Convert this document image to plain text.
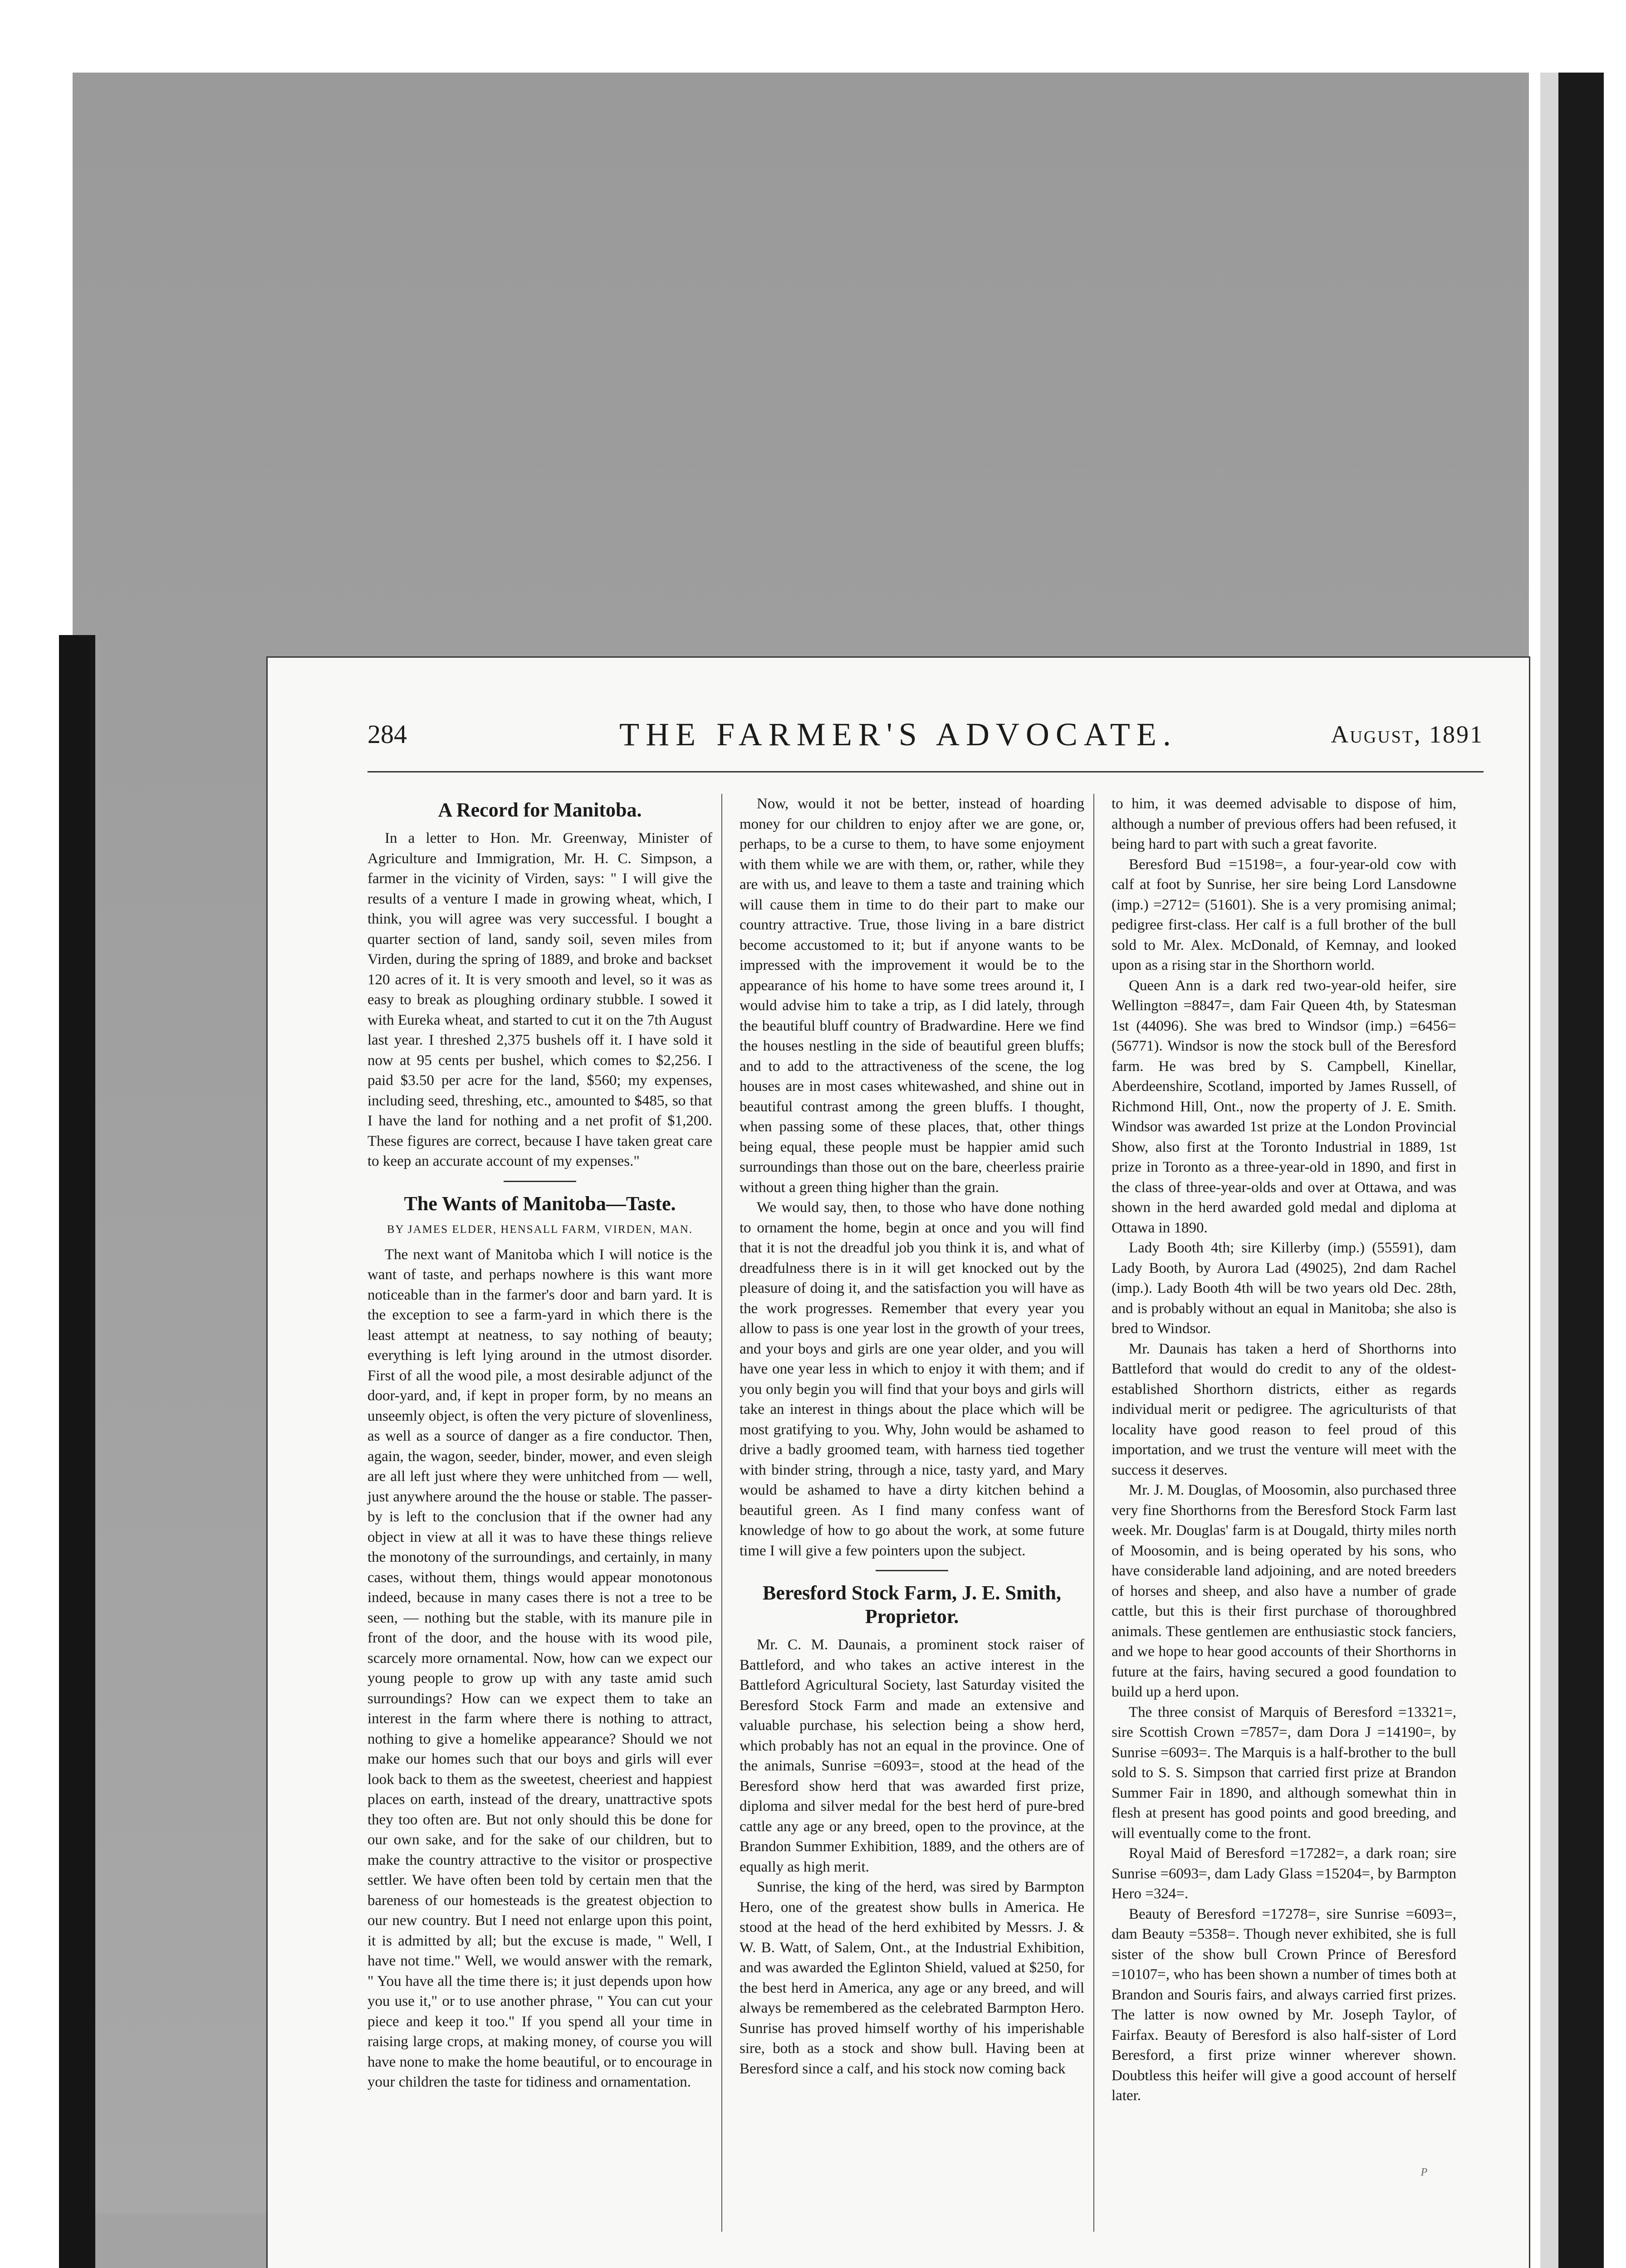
284	THE FARMER'S ADVOCATE.	August, 1891
A Record for Manitoba.

In a letter to Hon. Mr. Greenway, Minister of Agriculture and Immigration, Mr. H. C. Simpson, a farmer in the vicinity of Virden, says: " I will give the results of a venture I made in growing wheat, which, I think, you will agree was very successful. I bought a quarter section of land, sandy soil, seven miles from Virden, during the spring of 1889, and broke and backset 120 acres of it. It is very smooth and level, so it was as easy to break as ploughing ordinary stubble. I sowed it with Eureka wheat, and started to cut it on the 7th August last year. I threshed 2,375 bushels off it. I have sold it now at 95 cents per bushel, which comes to $2,256. I paid $3.50 per acre for the land, $560; my expenses, including seed, threshing, etc., amounted to $485, so that I have the land for nothing and a net profit of $1,200. These figures are correct, because I have taken great care to keep an accurate account of my expenses."

The Wants of Manitoba—Taste.
BY JAMES ELDER, HENSALL FARM, VIRDEN, MAN.

The next want of Manitoba which I will notice is the want of taste, and perhaps nowhere is this want more noticeable than in the farmer's door and barn yard. It is the exception to see a farm-yard in which there is the least attempt at neatness, to say nothing of beauty; everything is left lying around in the utmost disorder. First of all the wood pile, a most desirable adjunct of the door-yard, and, if kept in proper form, by no means an unseemly object, is often the very picture of slovenliness, as well as a source of danger as a fire conductor. Then, again, the wagon, seeder, binder, mower, and even sleigh are all left just where they were unhitched from — well, just anywhere around the the house or stable. The passer-by is left to the conclusion that if the owner had any object in view at all it was to have these things relieve the monotony of the surroundings, and certainly, in many cases, without them, things would appear monotonous indeed, because in many cases there is not a tree to be seen, — nothing but the stable, with its manure pile in front of the door, and the house with its wood pile, scarcely more ornamental. Now, how can we expect our young people to grow up with any taste amid such surroundings? How can we expect them to take an interest in the farm where there is nothing to attract, nothing to give a homelike appearance? Should we not make our homes such that our boys and girls will ever look back to them as the sweetest, cheeriest and happiest places on earth, instead of the dreary, unattractive spots they too often are. But not only should this be done for our own sake, and for the sake of our children, but to make the country attractive to the visitor or prospective settler. We have often been told by certain men that the bareness of our homesteads is the greatest objection to our new country. But I need not enlarge upon this point, it is admitted by all; but the excuse is made, " Well, I have not time." Well, we would answer with the remark, " You have all the time there is; it just depends upon how you use it," or to use another phrase, " You can cut your piece and keep it too." If you spend all your time in raising large crops, at making money, of course you will have none to make the home beautiful, or to encourage in your children the taste for tidiness and ornamentation.

Now, would it not be better, instead of hoarding money for our children to enjoy after we are gone, or, perhaps, to be a curse to them, to have some enjoyment with them while we are with them, or, rather, while they are with us, and leave to them a taste and training which will cause them in time to do their part to make our country attractive. True, those living in a bare district become accustomed to it; but if anyone wants to be impressed with the improvement it would be to the appearance of his home to have some trees around it, I would advise him to take a trip, as I did lately, through the beautiful bluff country of Bradwardine. Here we find the houses nestling in the side of beautiful green bluffs; and to add to the attractiveness of the scene, the log houses are in most cases whitewashed, and shine out in beautiful contrast among the green bluffs. I thought, when passing some of these places, that, other things being equal, these people must be happier amid such surroundings than those out on the bare, cheerless prairie without a green thing higher than the grain.

We would say, then, to those who have done nothing to ornament the home, begin at once and you will find that it is not the dreadful job you think it is, and what of dreadfulness there is in it will get knocked out by the pleasure of doing it, and the satisfaction you will have as the work progresses. Remember that every year you allow to pass is one year lost in the growth of your trees, and your boys and girls are one year older, and you will have one year less in which to enjoy it with them; and if you only begin you will find that your boys and girls will take an interest in things about the place which will be most gratifying to you. Why, John would be ashamed to drive a badly groomed team, with harness tied together with binder string, through a nice, tasty yard, and Mary would be ashamed to have a dirty kitchen behind a beautiful green. As I find many confess want of knowledge of how to go about the work, at some future time I will give a few pointers upon the subject.

Beresford Stock Farm, J. E. Smith, Proprietor.

Mr. C. M. Daunais, a prominent stock raiser of Battleford, and who takes an active interest in the Battleford Agricultural Society, last Saturday visited the Beresford Stock Farm and made an extensive and valuable purchase, his selection being a show herd, which probably has not an equal in the province. One of the animals, Sunrise =6093=, stood at the head of the Beresford show herd that was awarded first prize, diploma and silver medal for the best herd of pure-bred cattle any age or any breed, open to the province, at the Brandon Summer Exhibition, 1889, and the others are of equally as high merit.

Sunrise, the king of the herd, was sired by Barmpton Hero, one of the greatest show bulls in America. He stood at the head of the herd exhibited by Messrs. J. & W. B. Watt, of Salem, Ont., at the Industrial Exhibition, and was awarded the Eglinton Shield, valued at $250, for the best herd in America, any age or any breed, and will always be remembered as the celebrated Barmpton Hero. Sunrise has proved himself worthy of his imperishable sire, both as a stock and show bull. Having been at Beresford since a calf, and his stock now coming back

to him, it was deemed advisable to dispose of him, although a number of previous offers had been refused, it being hard to part with such a great favorite.

Beresford Bud =15198=, a four-year-old cow with calf at foot by Sunrise, her sire being Lord Lansdowne (imp.) =2712= (51601). She is a very promising animal; pedigree first-class. Her calf is a full brother of the bull sold to Mr. Alex. McDonald, of Kemnay, and looked upon as a rising star in the Shorthorn world.

Queen Ann is a dark red two-year-old heifer, sire Wellington =8847=, dam Fair Queen 4th, by Statesman 1st (44096). She was bred to Windsor (imp.) =6456= (56771). Windsor is now the stock bull of the Beresford farm. He was bred by S. Campbell, Kinellar, Aberdeenshire, Scotland, imported by James Russell, of Richmond Hill, Ont., now the property of J. E. Smith. Windsor was awarded 1st prize at the London Provincial Show, also first at the Toronto Industrial in 1889, 1st prize in Toronto as a three-year-old in 1890, and first in the class of three-year-olds and over at Ottawa, and was shown in the herd awarded gold medal and diploma at Ottawa in 1890.

Lady Booth 4th; sire Killerby (imp.) (55591), dam Lady Booth, by Aurora Lad (49025), 2nd dam Rachel (imp.). Lady Booth 4th will be two years old Dec. 28th, and is probably without an equal in Manitoba; she also is bred to Windsor.

Mr. Daunais has taken a herd of Shorthorns into Battleford that would do credit to any of the oldest-established Shorthorn districts, either as regards individual merit or pedigree. The agriculturists of that locality have good reason to feel proud of this importation, and we trust the venture will meet with the success it deserves.

Mr. J. M. Douglas, of Moosomin, also purchased three very fine Shorthorns from the Beresford Stock Farm last week. Mr. Douglas' farm is at Dougald, thirty miles north of Moosomin, and is being operated by his sons, who have considerable land adjoining, and are noted breeders of horses and sheep, and also have a number of grade cattle, but this is their first purchase of thoroughbred animals. These gentlemen are enthusiastic stock fanciers, and we hope to hear good accounts of their Shorthorns in future at the fairs, having secured a good foundation to build up a herd upon.

The three consist of Marquis of Beresford =13321=, sire Scottish Crown =7857=, dam Dora J =14190=, by Sunrise =6093=. The Marquis is a half-brother to the bull sold to S. S. Simpson that carried first prize at Brandon Summer Fair in 1890, and although somewhat thin in flesh at present has good points and good breeding, and will eventually come to the front.

Royal Maid of Beresford =17282=, a dark roan; sire Sunrise =6093=, dam Lady Glass =15204=, by Barmpton Hero =324=.

Beauty of Beresford =17278=, sire Sunrise =6093=, dam Beauty =5358=. Though never exhibited, she is full sister of the show bull Crown Prince of Beresford =10107=, who has been shown a number of times both at Brandon and Souris fairs, and always carried first prizes. The latter is now owned by Mr. Joseph Taylor, of Fairfax. Beauty of Beresford is also half-sister of Lord Beresford, a first prize winner wherever shown. Doubtless this heifer will give a good account of herself later.

ᴾ
